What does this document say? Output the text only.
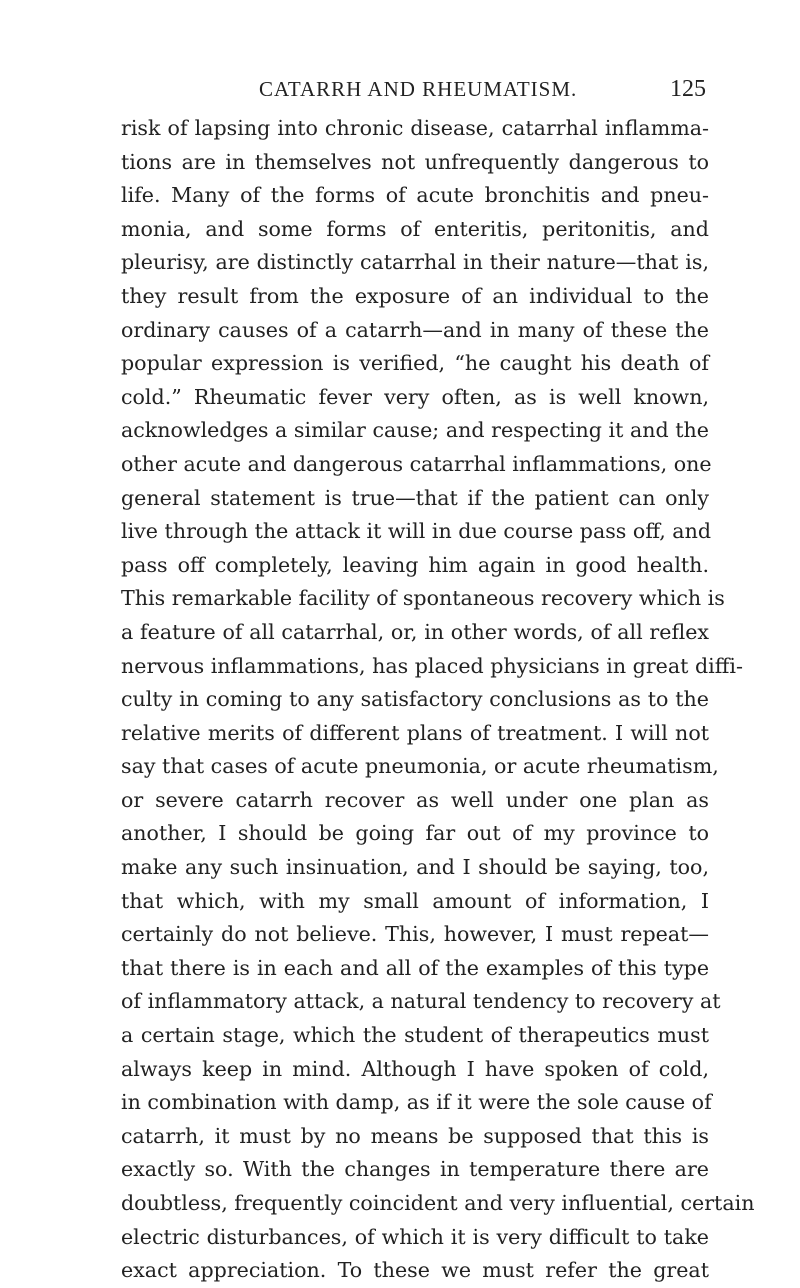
CATARRH AND RHEUMATISM.	125
risk of lapsing into chronic disease, catarrhal inflamma-
tions are in themselves not unfrequently dangerous to
life. Many of the forms of acute bronchitis and pneu-
monia, and some forms of enteritis, peritonitis, and
pleurisy, are distinctly catarrhal in their nature—that is,
they result from the exposure of an individual to the
ordinary causes of a catarrh—and in many of these the
popular expression is verified, “he caught his death of
cold.” Rheumatic fever very often, as is well known,
acknowledges a similar cause; and respecting it and the
other acute and dangerous catarrhal inflammations, one
general statement is true—that if the patient can only
live through the attack it will in due course pass off, and
pass off completely, leaving him again in good health.
This remarkable facility of spontaneous recovery which is
a feature of all catarrhal, or, in other words, of all reflex
nervous inflammations, has placed physicians in great diffi-
culty in coming to any satisfactory conclusions as to the
relative merits of different plans of treatment. I will not
say that cases of acute pneumonia, or acute rheumatism,
or severe catarrh recover as well under one plan as
another, I should be going far out of my province to
make any such insinuation, and I should be saying, too,
that which, with my small amount of information, I
certainly do not believe. This, however, I must repeat—
that there is in each and all of the examples of this type
of inflammatory attack, a natural tendency to recovery at
a certain stage, which the student of therapeutics must
always keep in mind. Although I have spoken of cold,
in combination with damp, as if it were the sole cause of
catarrh, it must by no means be supposed that this is
exactly so. With the changes in temperature there are
doubtless, frequently coincident and very influential, certain
electric disturbances, of which it is very difficult to take
exact appreciation. To these we must refer the great
